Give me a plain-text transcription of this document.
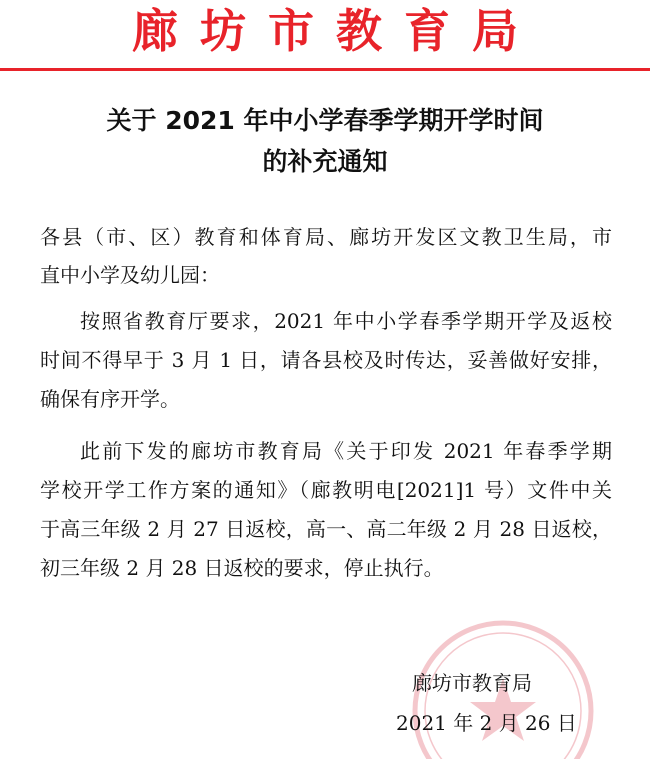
廊坊市教育局
关于 2021 年中小学春季学期开学时间
的补充通知
各县（市、区）教育和体育局、廊坊开发区文教卫生局，市
直中小学及幼儿园：
按照省教育厅要求，2021 年中小学春季学期开学及返校
时间不得早于 3 月 1 日，请各县校及时传达，妥善做好安排，
确保有序开学。
此前下发的廊坊市教育局《关于印发 2021 年春季学期
学校开学工作方案的通知》（廊教明电[2021]1 号）文件中关
于高三年级 2 月 27 日返校，高一、高二年级 2 月 28 日返校，
初三年级 2 月 28 日返校的要求，停止执行。
廊坊市教育局
2021 年 2 月 26 日
